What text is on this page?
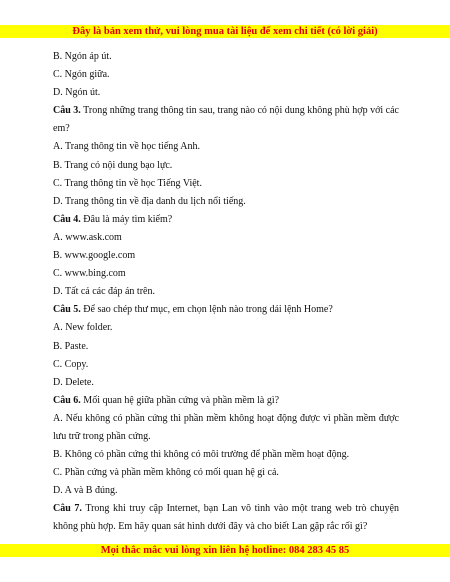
Đây là bản xem thử, vui lòng mua tài liệu để xem chi tiết (có lời giải)
B. Ngón áp út.
C. Ngón giữa.
D. Ngón út.
Câu 3. Trong những trang thông tin sau, trang nào có nội dung không phù hợp với các em?
A. Trang thông tin về học tiếng Anh.
B. Trang có nội dung bạo lực.
C. Trang thông tin về học Tiếng Việt.
D. Trang thông tin về địa danh du lịch nổi tiếng.
Câu 4. Đâu là máy tìm kiếm?
A. www.ask.com
B. www.google.com
C. www.bing.com
D. Tất cả các đáp án trên.
Câu 5. Để sao chép thư mục, em chọn lệnh nào trong dải lệnh Home?
A. New folder.
B. Paste.
C. Copy.
D. Delete.
Câu 6. Mối quan hệ giữa phần cứng và phần mềm là gì?
A. Nếu không có phần cứng thì phần mềm không hoạt động được vì phần mềm được lưu trữ trong phần cứng.
B. Không có phần cứng thì không có môi trường để phần mềm hoạt động.
C. Phần cứng và phần mềm không có mối quan hệ gì cả.
D. A và B đúng.
Câu 7. Trong khi truy cập Internet, bạn Lan vô tình vào một trang web trò chuyện không phù hợp. Em hãy quan sát hình dưới đây và cho biết Lan gặp rắc rối gì?
Mọi thắc mắc vui lòng xin liên hệ hotline: 084 283 45 85
